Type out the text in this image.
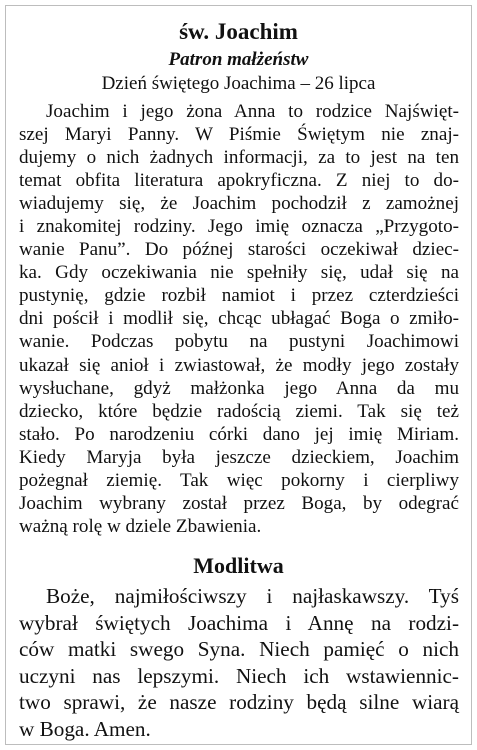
św. Joachim

Patron małżeństw

Dzień świętego Joachima – 26 lipca

Joachim i jego żona Anna to rodzice Najświęt-
szej Maryi Panny. W Piśmie Świętym nie znaj-
dujemy o nich żadnych informacji, za to jest na ten
temat obfita literatura apokryficzna. Z niej to do-
wiadujemy się, że Joachim pochodził z zamożnej
i znakomitej rodziny. Jego imię oznacza „Przygoto-
wanie Panu”. Do późnej starości oczekiwał dziec-
ka. Gdy oczekiwania nie spełniły się, udał się na
pustynię, gdzie rozbił namiot i przez czterdzieści
dni pościł i modlił się, chcąc ubłagać Boga o zmiło-
wanie. Podczas pobytu na pustyni Joachimowi
ukazał się anioł i zwiastował, że modły jego zostały
wysłuchane, gdyż małżonka jego Anna da mu
dziecko, które będzie radością ziemi. Tak się też
stało. Po narodzeniu córki dano jej imię Miriam.
Kiedy Maryja była jeszcze dzieckiem, Joachim
pożegnał ziemię. Tak więc pokorny i cierpliwy
Joachim wybrany został przez Boga, by odegrać
ważną rolę w dziele Zbawienia.
Modlitwa
Boże, najmiłościwszy i najłaskawszy. Tyś
wybrał świętych Joachima i Annę na rodzi-
ców matki swego Syna. Niech pamięć o nich
uczyni nas lepszymi. Niech ich wstawiennic-
two sprawi, że nasze rodziny będą silne wiarą
w Boga. Amen.
